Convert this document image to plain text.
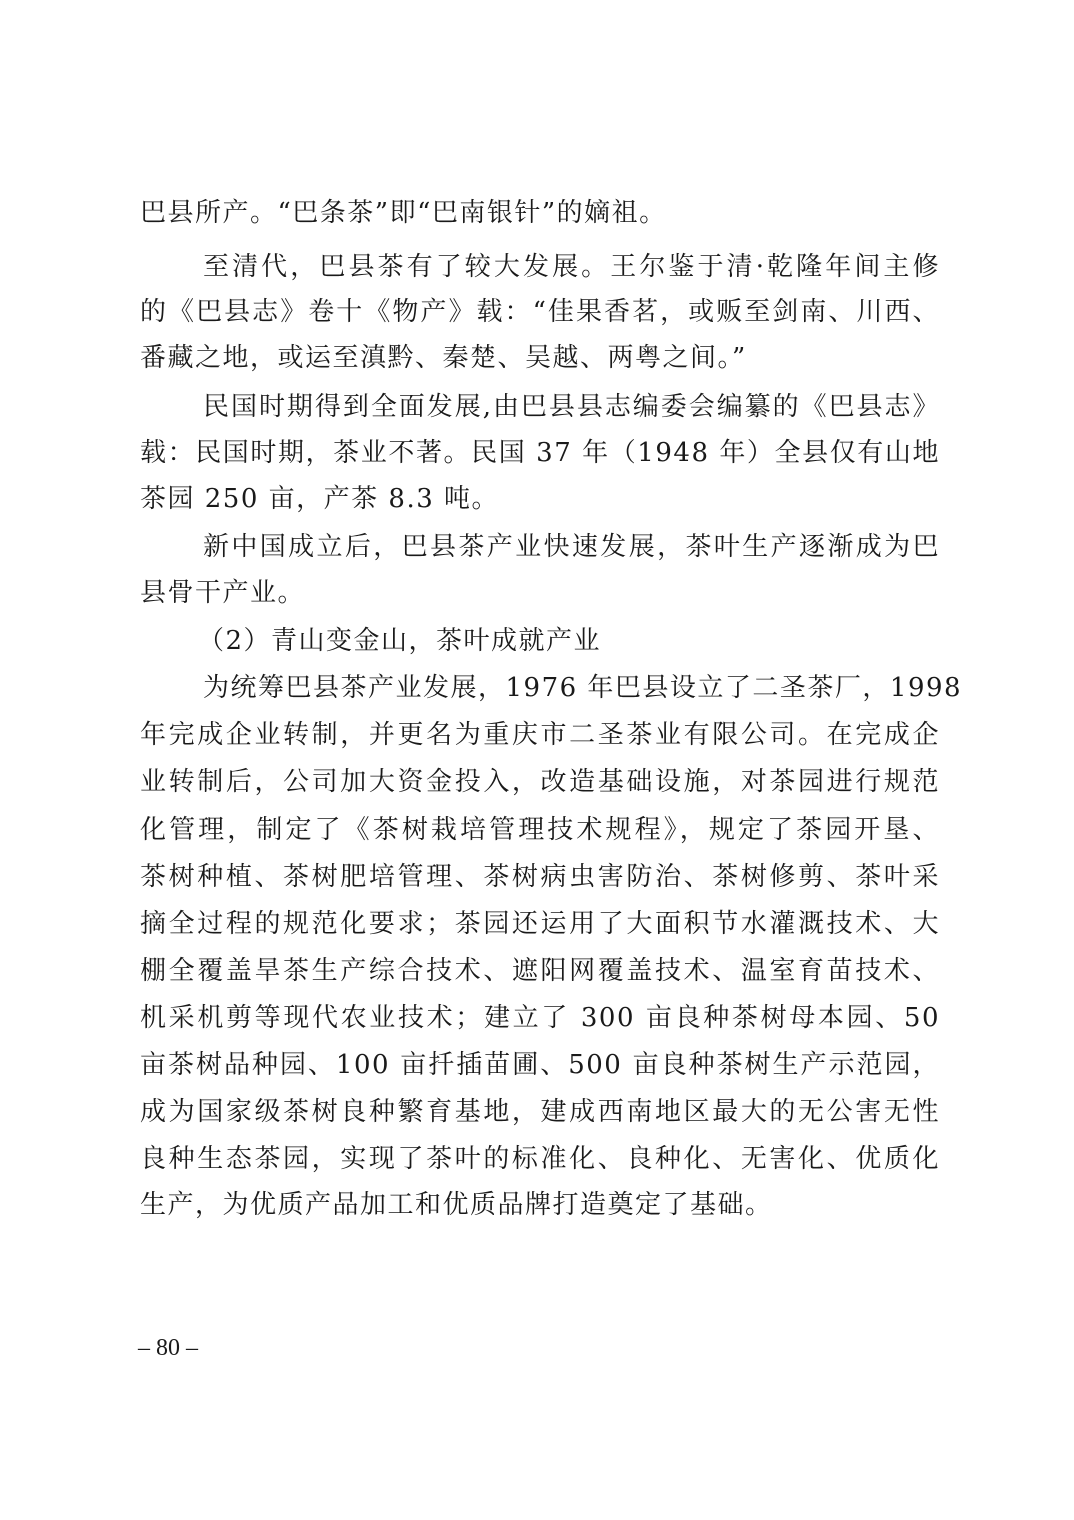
巴县所产。“巴条茶”即“巴南银针”的嫡祖。
至清代，巴县茶有了较大发展。王尔鉴于清·乾隆年间主修
的《巴县志》卷十《物产》载：“佳果香茗，或贩至剑南、川西、
番藏之地，或运至滇黔、秦楚、吴越、两粤之间。”
民国时期得到全面发展,由巴县县志编委会编纂的《巴县志》
载：民国时期，茶业不著。民国 37 年（1948 年）全县仅有山地
茶园 250 亩，产茶 8.3 吨。
新中国成立后，巴县茶产业快速发展，茶叶生产逐渐成为巴
县骨干产业。
（2）青山变金山，茶叶成就产业
为统筹巴县茶产业发展，1976 年巴县设立了二圣茶厂，1998
年完成企业转制，并更名为重庆市二圣茶业有限公司。在完成企
业转制后，公司加大资金投入，改造基础设施，对茶园进行规范
化管理，制定了《茶树栽培管理技术规程》，规定了茶园开垦、
茶树种植、茶树肥培管理、茶树病虫害防治、茶树修剪、茶叶采
摘全过程的规范化要求；茶园还运用了大面积节水灌溉技术、大
棚全覆盖旱茶生产综合技术、遮阳网覆盖技术、温室育苗技术、
机采机剪等现代农业技术；建立了 300 亩良种茶树母本园、50
亩茶树品种园、100 亩扦插苗圃、500 亩良种茶树生产示范园，
成为国家级茶树良种繁育基地，建成西南地区最大的无公害无性
良种生态茶园，实现了茶叶的标准化、良种化、无害化、优质化
生产，为优质产品加工和优质品牌打造奠定了基础。
– 80 –
